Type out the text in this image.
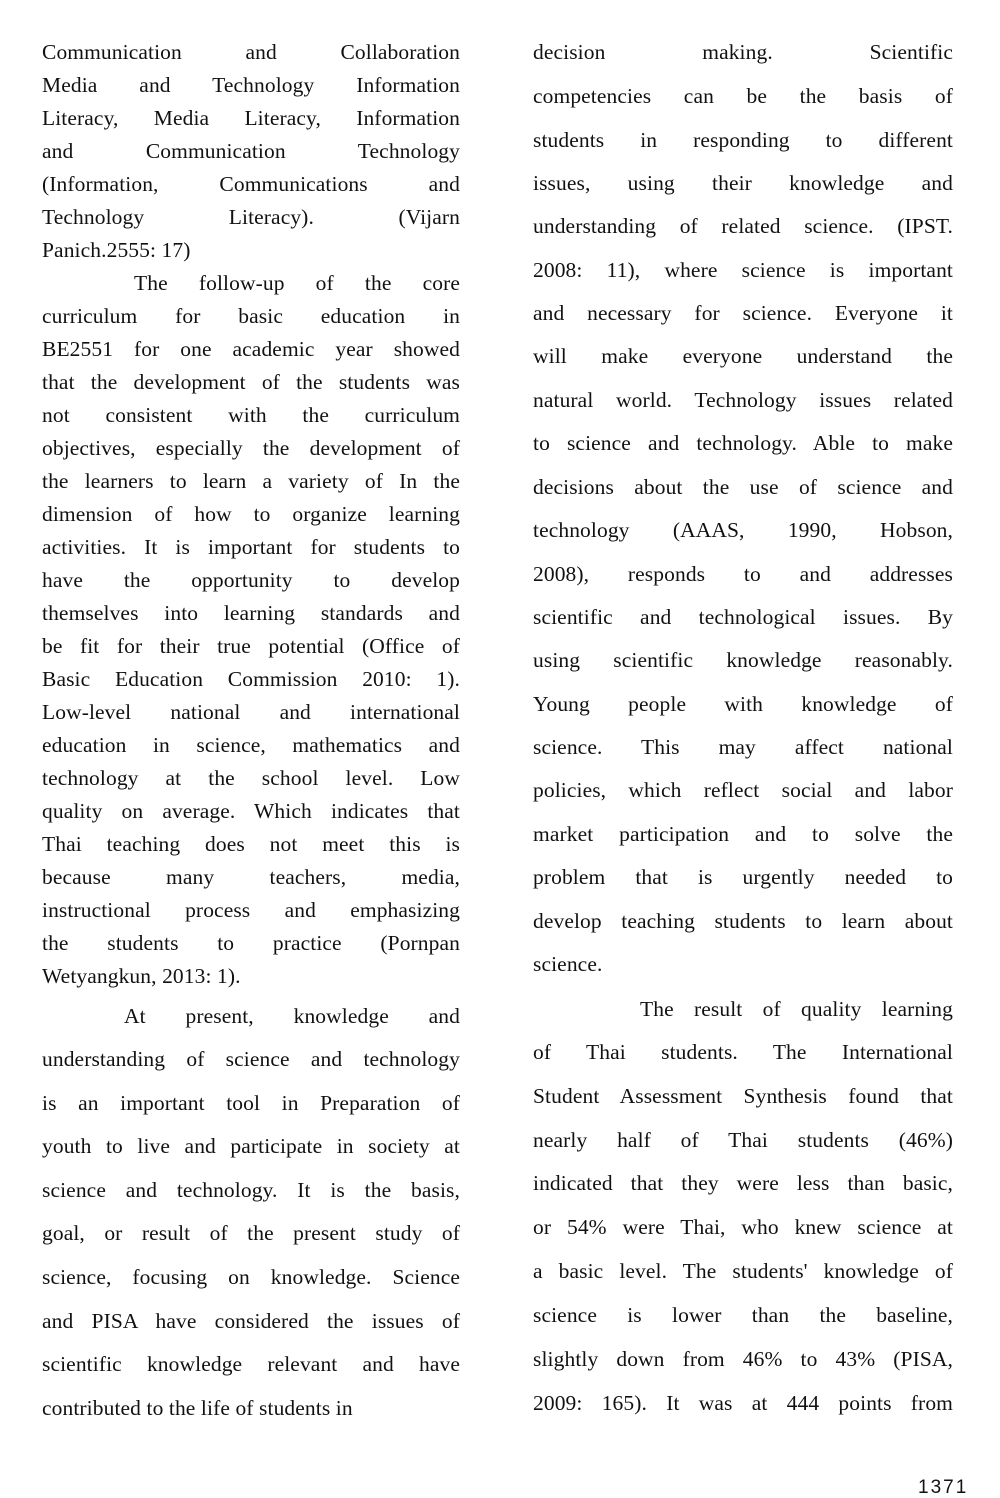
Communication and Collaboration
Media and Technology Information
Literacy, Media Literacy, Information
and Communication Technology
(Information, Communications and
Technology Literacy). (Vijarn
Panich.2555: 17)
The follow-up of the core
curriculum for basic education in
BE2551 for one academic year showed
that the development of the students was
not consistent with the curriculum
objectives, especially the development of
the learners to learn a variety of In the
dimension of how to organize learning
activities. It is important for students to
have the opportunity to develop
themselves into learning standards and
be fit for their true potential (Office of
Basic Education Commission 2010: 1).
Low-level national and international
education in science, mathematics and
technology at the school level. Low
quality on average. Which indicates that
Thai teaching does not meet this is
because many teachers, media,
instructional process and emphasizing
the students to practice (Pornpan
Wetyangkun, 2013: 1).
At present, knowledge and
understanding of science and technology
is an important tool in Preparation of
youth to live and participate in society at
science and technology. It is the basis,
goal, or result of the present study of
science, focusing on knowledge. Science
and PISA have considered the issues of
scientific knowledge relevant and have
contributed to the life of students in
decision making. Scientific
competencies can be the basis of
students in responding to different
issues, using their knowledge and
understanding of related science. (IPST.
2008: 11), where science is important
and necessary for science. Everyone it
will make everyone understand the
natural world. Technology issues related
to science and technology. Able to make
decisions about the use of science and
technology (AAAS, 1990, Hobson,
2008), responds to and addresses
scientific and technological issues. By
using scientific knowledge reasonably.
Young people with knowledge of
science. This may affect national
policies, which reflect social and labor
market participation and to solve the
problem that is urgently needed to
develop teaching students to learn about
science.
The result of quality learning
of Thai students. The International
Student Assessment Synthesis found that
nearly half of Thai students (46%)
indicated that they were less than basic,
or 54% were Thai, who knew science at
a basic level. The students' knowledge of
science is lower than the baseline,
slightly down from 46% to 43% (PISA,
2009: 165). It was at 444 points from
1371
